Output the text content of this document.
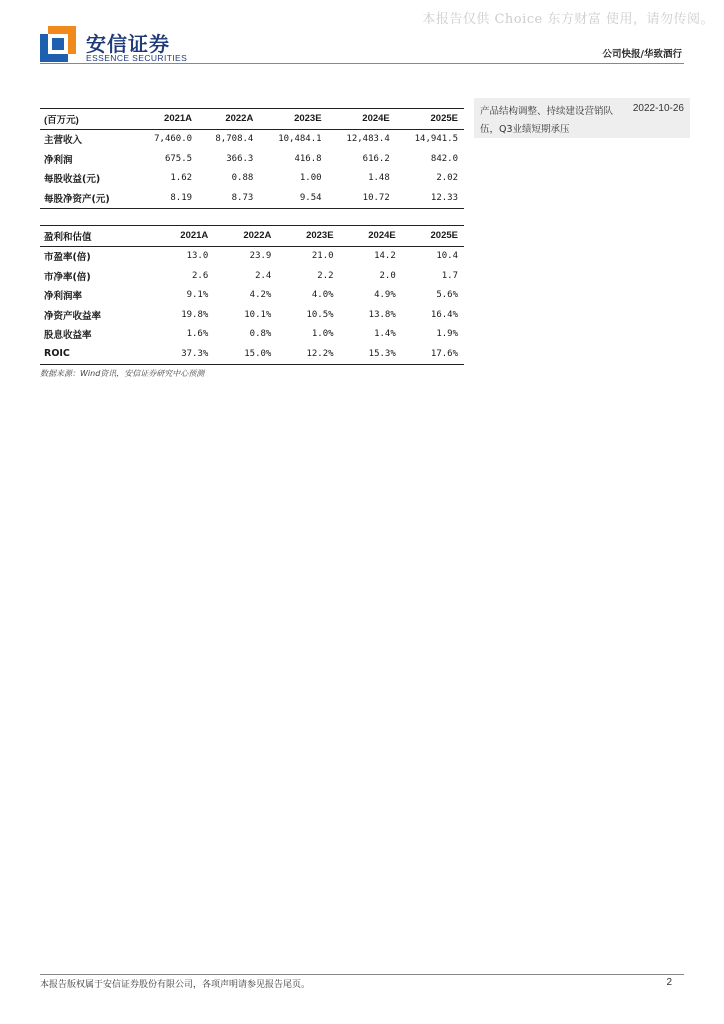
本报告仅供 Choice 东方财富 使用，请勿传阅。
安信证券
ESSENCE SECURITIES	公司快报/华致酒行
(百万元)	2021A	2022A	2023E	2024E	2025E
主营收入	7,460.0	8,708.4	10,484.1	12,483.4	14,941.5
净利润	675.5	366.3	416.8	616.2	842.0
每股收益(元)	1.62	0.88	1.00	1.48	2.02
每股净资产(元)	8.19	8.73	9.54	10.72	12.33
盈利和估值	2021A	2022A	2023E	2024E	2025E
市盈率(倍)	13.0	23.9	21.0	14.2	10.4
市净率(倍)	2.6	2.4	2.2	2.0	1.7
净利润率	9.1%	4.2%	4.0%	4.9%	5.6%
净资产收益率	19.8%	10.1%	10.5%	13.8%	16.4%
股息收益率	1.6%	0.8%	1.0%	1.4%	1.9%
ROIC	37.3%	15.0%	12.2%	15.3%	17.6%
数据来源：Wind资讯，安信证券研究中心预测
产品结构调整、持续建设营销队伍，Q3业绩短期承压
2022-10-26
本报告版权属于安信证券股份有限公司，各项声明请参见报告尾页。	2
